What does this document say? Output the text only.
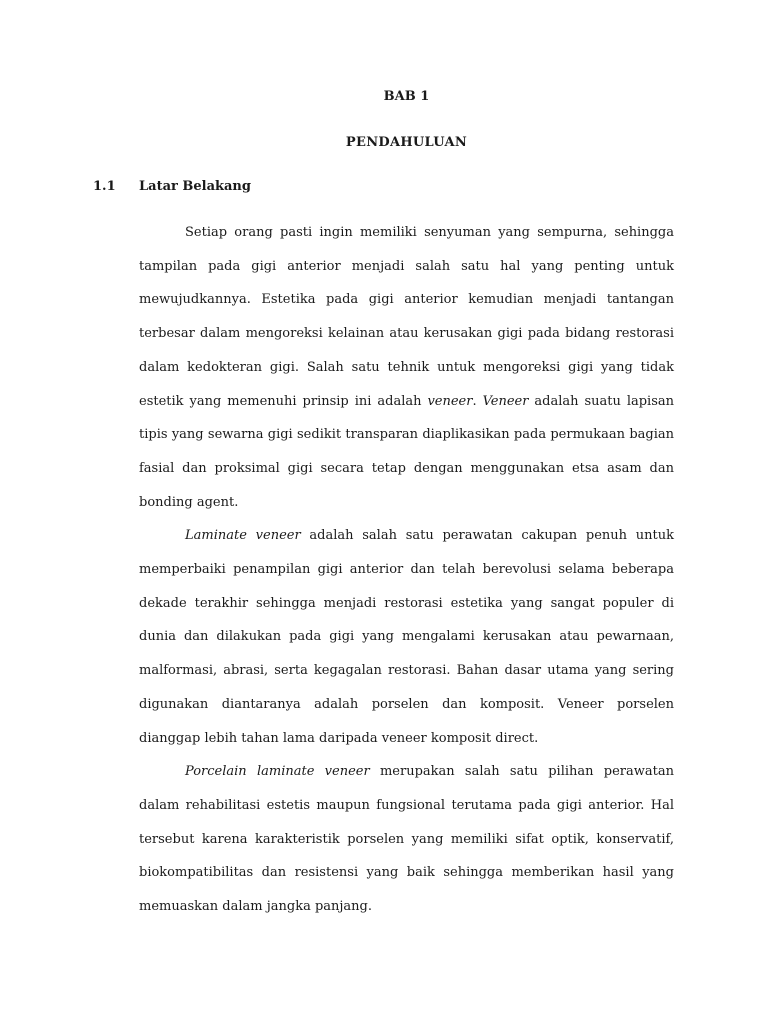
BAB 1
PENDAHULUAN
1.1 Latar Belakang

Setiap orang pasti ingin memiliki senyuman yang sempurna, sehingga tampilan pada gigi anterior menjadi salah satu hal yang penting untuk mewujudkannya. Estetika pada gigi anterior kemudian menjadi tantangan terbesar dalam mengoreksi kelainan atau kerusakan gigi pada bidang restorasi dalam kedokteran gigi. Salah satu tehnik untuk mengoreksi gigi yang tidak estetik yang memenuhi prinsip ini adalah veneer. Veneer adalah suatu lapisan tipis yang sewarna gigi sedikit transparan diaplikasikan pada permukaan bagian fasial dan proksimal gigi secara tetap dengan menggunakan etsa asam dan bonding agent.

Laminate veneer adalah salah satu perawatan cakupan penuh untuk memperbaiki penampilan gigi anterior dan telah berevolusi selama beberapa dekade terakhir sehingga menjadi restorasi estetika yang sangat populer di dunia dan dilakukan pada gigi yang mengalami kerusakan atau pewarnaan, malformasi, abrasi, serta kegagalan restorasi. Bahan dasar utama yang sering digunakan diantaranya adalah porselen dan komposit. Veneer porselen dianggap lebih tahan lama daripada veneer komposit direct.

Porcelain laminate veneer merupakan salah satu pilihan perawatan dalam rehabilitasi estetis maupun fungsional terutama pada gigi anterior. Hal tersebut karena karakteristik porselen yang memiliki sifat optik, konservatif, biokompatibilitas dan resistensi yang baik sehingga memberikan hasil yang memuaskan dalam jangka panjang.
